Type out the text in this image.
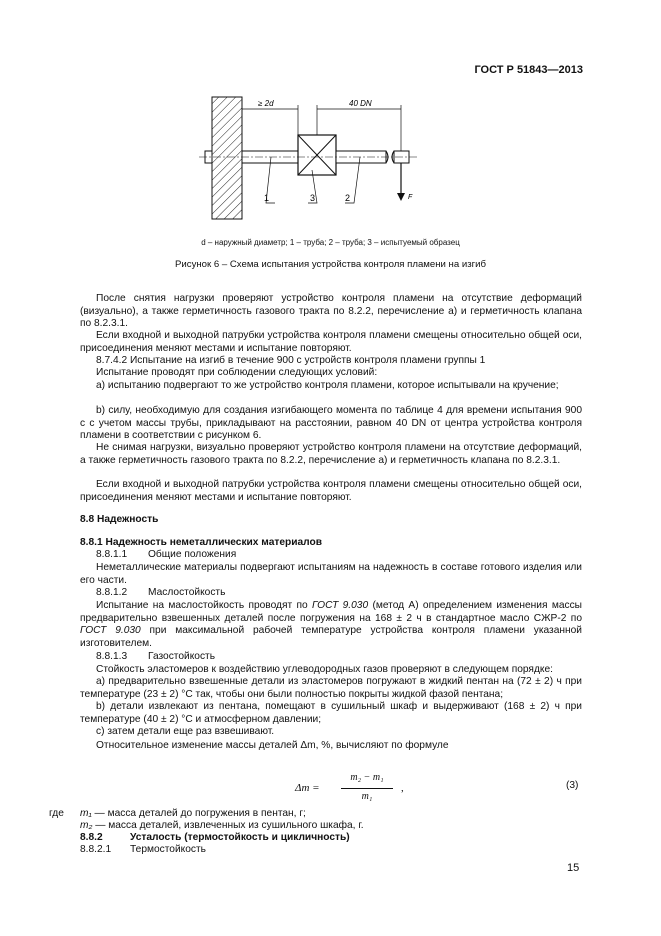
ГОСТ Р 51843—2013
≥ 2d	40 DN
1	3	2	F
d – наружный диаметр; 1 – труба; 2 – труба; 3 – испытуемый образец
Рисунок 6 – Схема испытания устройства контроля пламени на изгиб
После снятия нагрузки проверяют устройство контроля пламени на отсутствие деформаций (визуально), а также герметичность газового тракта по 8.2.2, перечисление а) и герметичность клапана по 8.2.3.1.
Если входной и выходной патрубки устройства контроля пламени смещены относительно общей оси, присоединения меняют местами и испытание повторяют.
8.7.4.2 Испытание на изгиб в течение 900 с устройств контроля пламени группы 1
Испытание проводят при соблюдении следующих условий:
а) испытанию подвергают то же устройство контроля пламени, которое испытывали на кручение;
b) силу, необходимую для создания изгибающего момента по таблице 4 для времени испытания 900 с с учетом массы трубы, прикладывают на расстоянии, равном 40 DN от центра устройства контроля пламени в соответствии с рисунком 6.
Не снимая нагрузки, визуально проверяют устройство контроля пламени на отсутствие деформаций, а также герметичность газового тракта по 8.2.2, перечисление а) и герметичность клапана по 8.2.3.1.
Если входной и выходной патрубки устройства контроля пламени смещены относительно общей оси, присоединения меняют местами и испытание повторяют.
8.8 Надежность
8.8.1 Надежность неметаллических материалов
8.8.1.1 Общие положения
Неметаллические материалы подвергают испытаниям на надежность в составе готового изделия или его части.
8.8.1.2 Маслостойкость
Испытание на маслостойкость проводят по ГОСТ 9.030 (метод А) определением изменения массы предварительно взвешенных деталей после погружения на 168 ± 2 ч в стандартное масло СЖР-2 по ГОСТ 9.030 при максимальной рабочей температуре устройства контроля пламени указанной изготовителем.
8.8.1.3 Газостойкость
Стойкость эластомеров к воздействию углеводородных газов проверяют в следующем порядке:
a) предварительно взвешенные детали из эластомеров погружают в жидкий пентан на (72 ± 2) ч при температуре (23 ± 2) °С так, чтобы они были полностью покрыты жидкой фазой пентана;
b) детали извлекают из пентана, помещают в сушильный шкаф и выдерживают (168 ± 2) ч при температуре (40 ± 2) °С и атмосферном давлении;
c) затем детали еще раз взвешивают.
Относительное изменение массы деталей Δm, %, вычисляют по формуле
Δm =
m₂ − m₁
m₁
,	(3)
где m₁ — масса деталей до погружения в пентан, г;
m₂ — масса деталей, извлеченных из сушильного шкафа, г.
8.8.2	Усталость (термостойкость и цикличность)
8.8.2.1 Термостойкость
15
